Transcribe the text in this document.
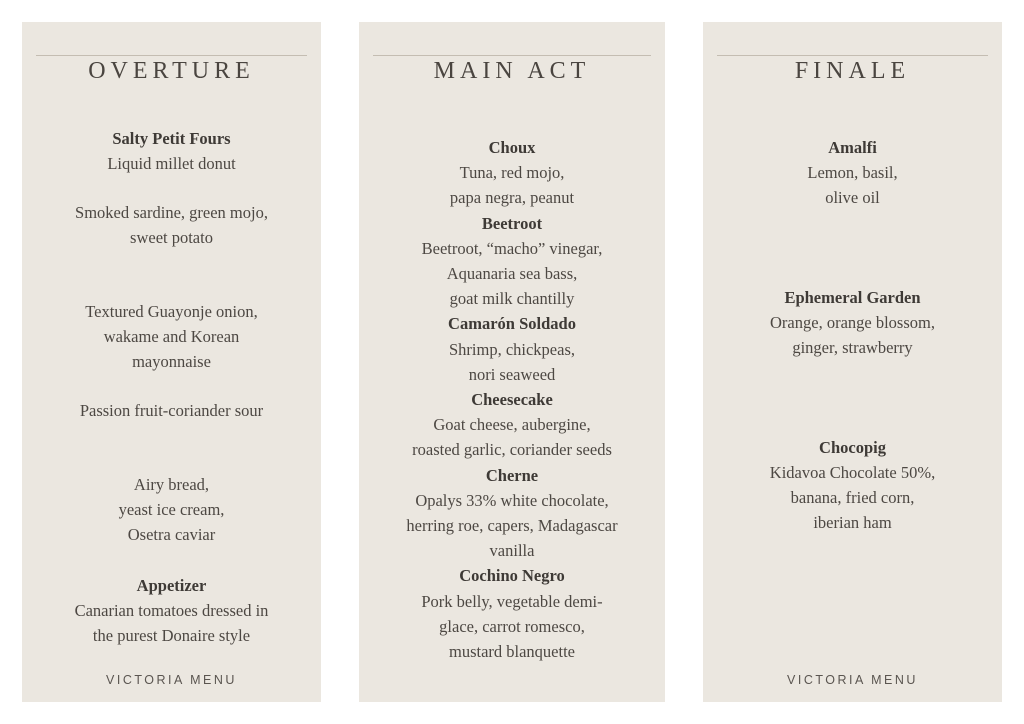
OVERTURE
VICTORIA MENU
Salty Petit Fours
Liquid millet donut
Smoked sardine, green mojo,
sweet potato
Textured Guayonje onion,
wakame and Korean
mayonnaise
Passion fruit-coriander sour
Airy bread,
yeast ice cream,
Osetra caviar
Appetizer
Canarian tomatoes dressed in
the purest Donaire style
MAIN ACT
Choux
Tuna, red mojo,
papa negra, peanut
Beetroot
Beetroot, “macho” vinegar,
Aquanaria sea bass,
goat milk chantilly
Camarón Soldado
Shrimp, chickpeas,
nori seaweed
Cheesecake
Goat cheese, aubergine,
roasted garlic, coriander seeds
Cherne
Opalys 33% white chocolate,
herring roe, capers, Madagascar
vanilla
Cochino Negro
Pork belly, vegetable demi-
glace, carrot romesco,
mustard blanquette
FINALE
VICTORIA MENU
Amalfi
Lemon, basil,
olive oil
Ephemeral Garden
Orange, orange blossom,
ginger, strawberry
Chocopig
Kidavoa Chocolate 50%,
banana, fried corn,
iberian ham
